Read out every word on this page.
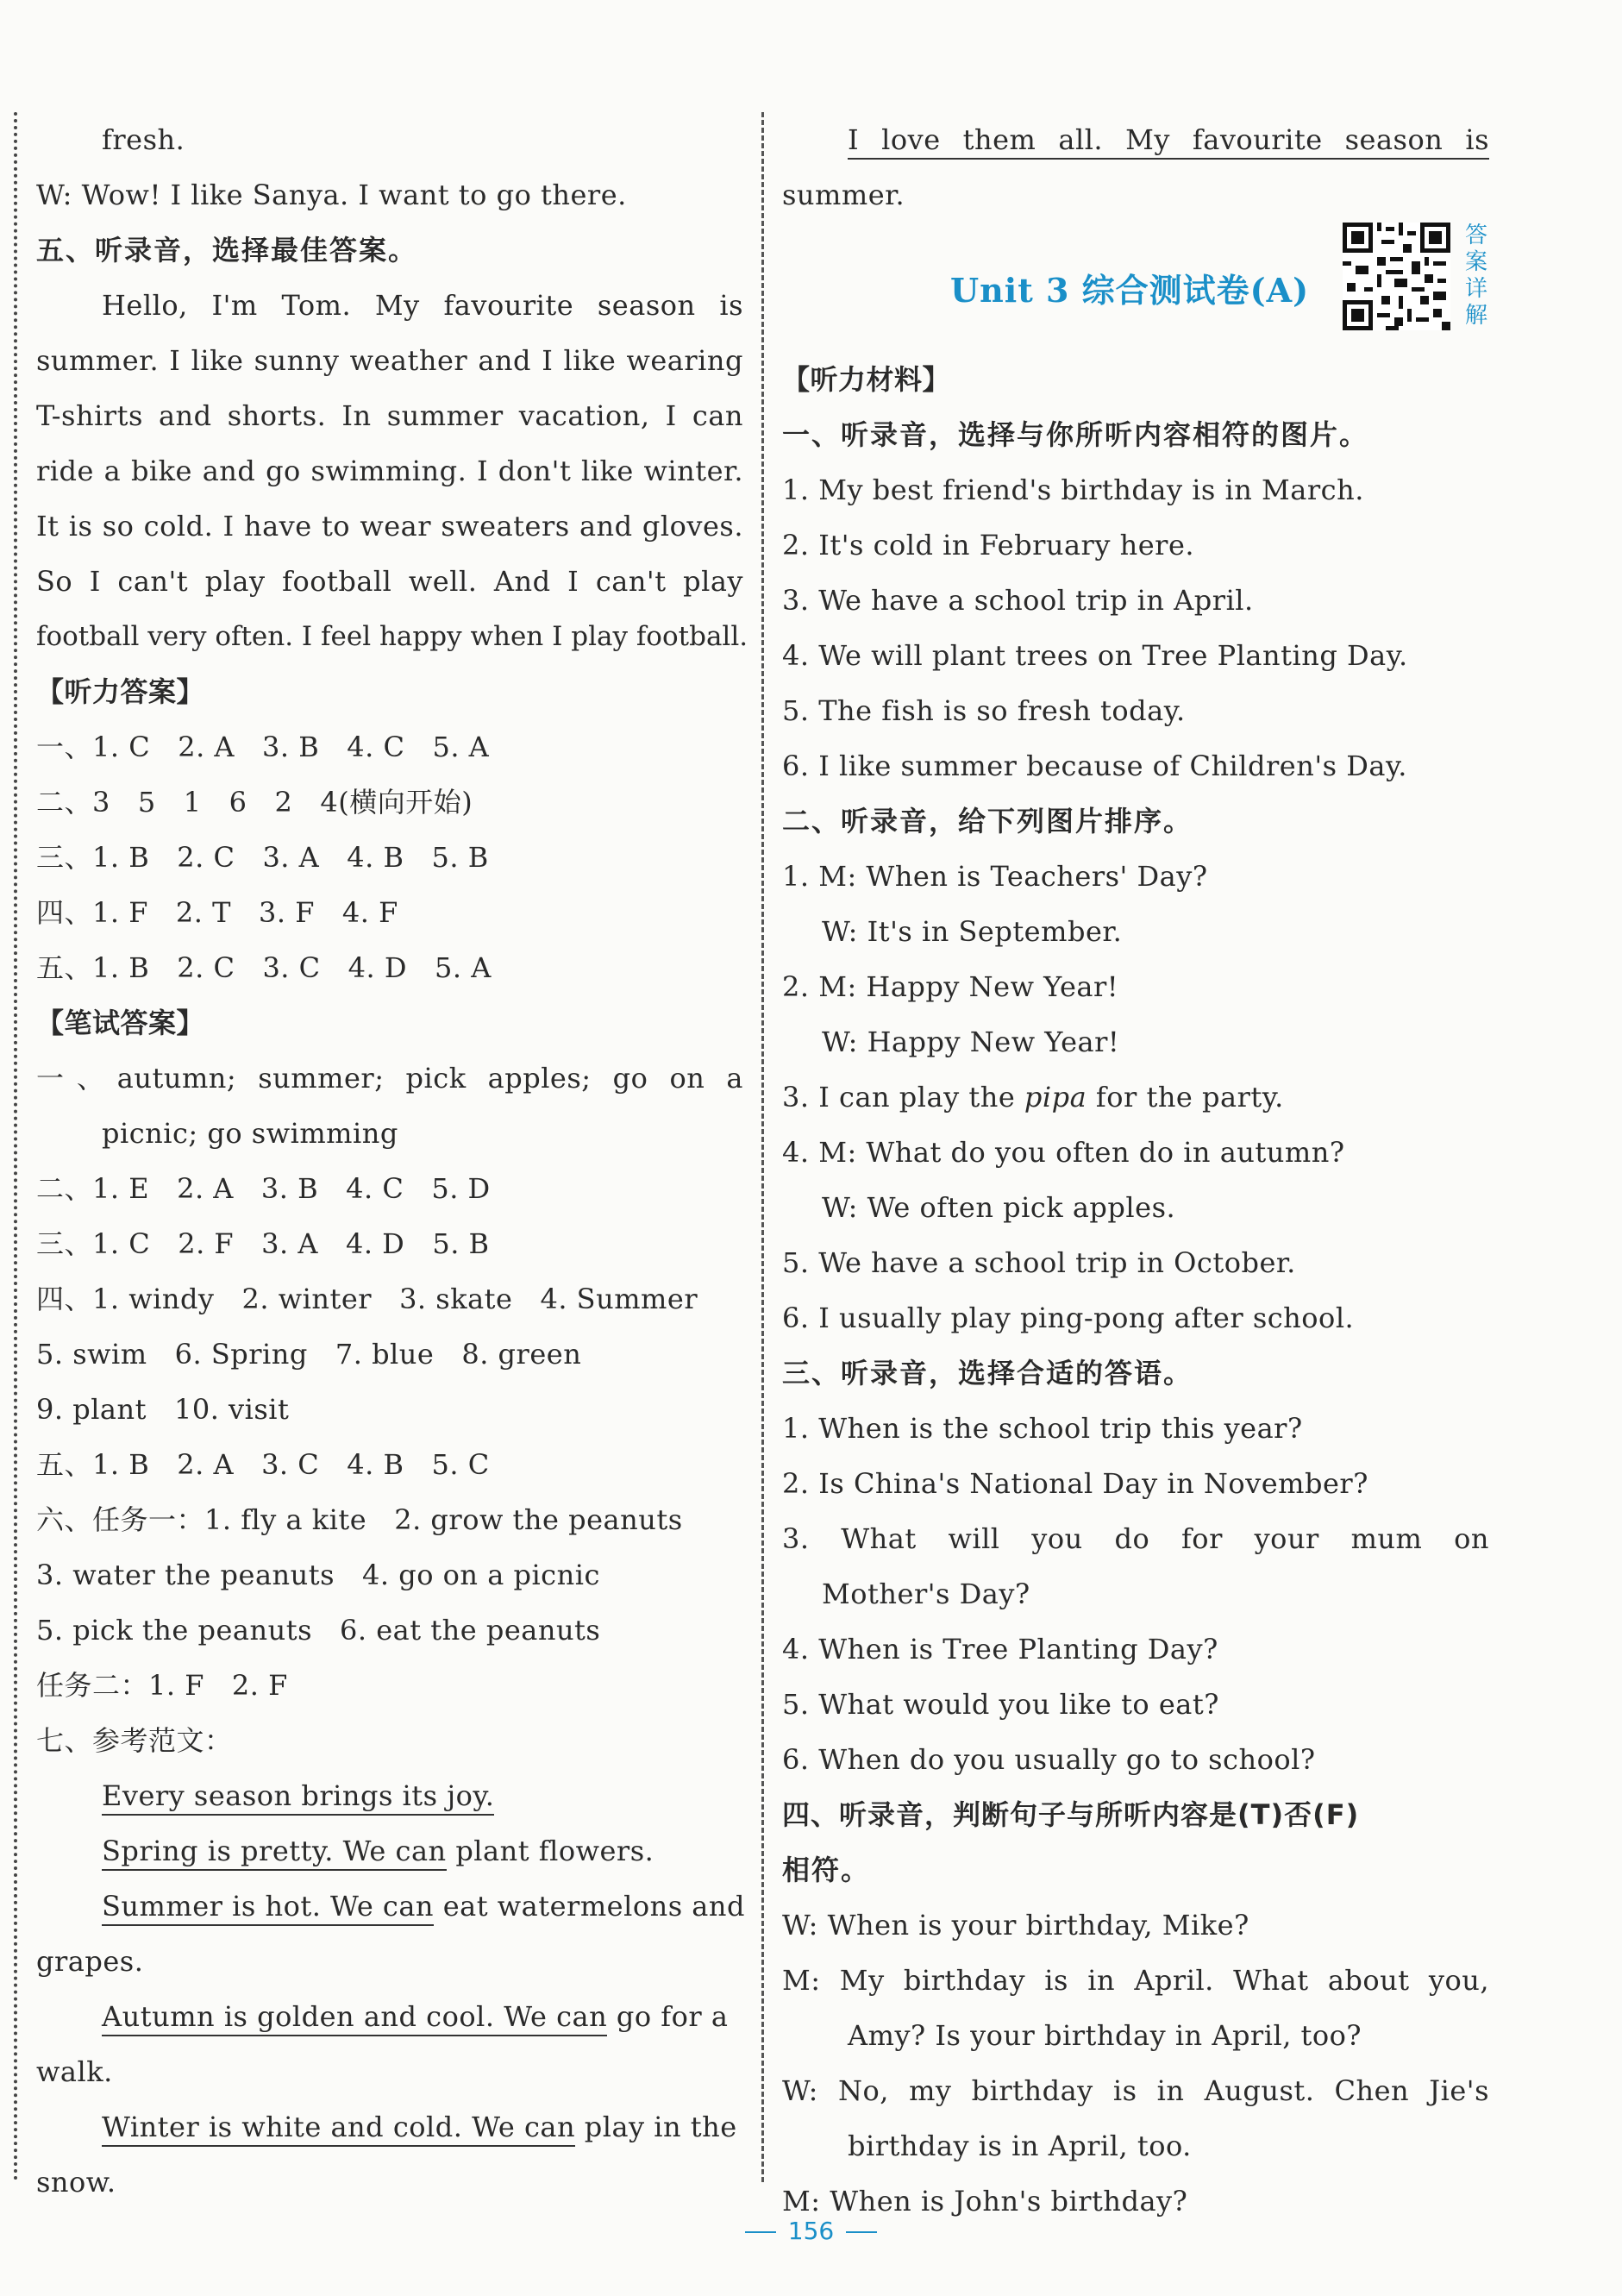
fresh.
W: Wow! I like Sanya. I want to go there.
五、听录音，选择最佳答案。
Hello, I'm Tom. My favourite season is
summer. I like sunny weather and I like wearing
T-shirts and shorts. In summer vacation, I can
ride a bike and go swimming. I don't like winter.
It is so cold. I have to wear sweaters and gloves.
So I can't play football well. And I can't play
football very often. I feel happy when I play football.
【听力答案】
一、1. C   2. A   3. B   4. C   5. A
二、3   5   1   6   2   4(横向开始)
三、1. B   2. C   3. A   4. B   5. B
四、1. F   2. T   3. F   4. F
五、1. B   2. C   3. C   4. D   5. A
【笔试答案】
一、autumn; summer; pick apples; go on a
picnic; go swimming
二、1. E   2. A   3. B   4. C   5. D
三、1. C   2. F   3. A   4. D   5. B
四、1. windy   2. winter   3. skate   4. Summer
5. swim   6. Spring   7. blue   8. green
9. plant   10. visit
五、1. B   2. A   3. C   4. B   5. C
六、任务一：1. fly a kite   2. grow the peanuts
3. water the peanuts   4. go on a picnic
5. pick the peanuts   6. eat the peanuts
任务二：1. F   2. F
七、参考范文：
Every season brings its joy.
Spring is pretty. We can plant flowers.
Summer is hot. We can eat watermelons and
grapes.
Autumn is golden and cool. We can go for a
walk.
Winter is white and cold. We can play in the
snow.
I love them all. My favourite season is
summer.
Unit 3 综合测试卷(A)
答案详解
【听力材料】
一、听录音，选择与你所听内容相符的图片。
1. My best friend's birthday is in March.
2. It's cold in February here.
3. We have a school trip in April.
4. We will plant trees on Tree Planting Day.
5. The fish is so fresh today.
6. I like summer because of Children's Day.
二、听录音，给下列图片排序。
1. M: When is Teachers' Day?
W: It's in September.
2. M: Happy New Year!
W: Happy New Year!
3. I can play the pipa for the party.
4. M: What do you often do in autumn?
W: We often pick apples.
5. We have a school trip in October.
6. I usually play ping-pong after school.
三、听录音，选择合适的答语。
1. When is the school trip this year?
2. Is China's National Day in November?
3. What will you do for your mum on
Mother's Day?
4. When is Tree Planting Day?
5. What would you like to eat?
6. When do you usually go to school?
四、听录音，判断句子与所听内容是(T)否(F)
相符。
W: When is your birthday, Mike?
M: My birthday is in April. What about you,
Amy? Is your birthday in April, too?
W: No, my birthday is in August. Chen Jie's
birthday is in April, too.
M: When is John's birthday?
156
